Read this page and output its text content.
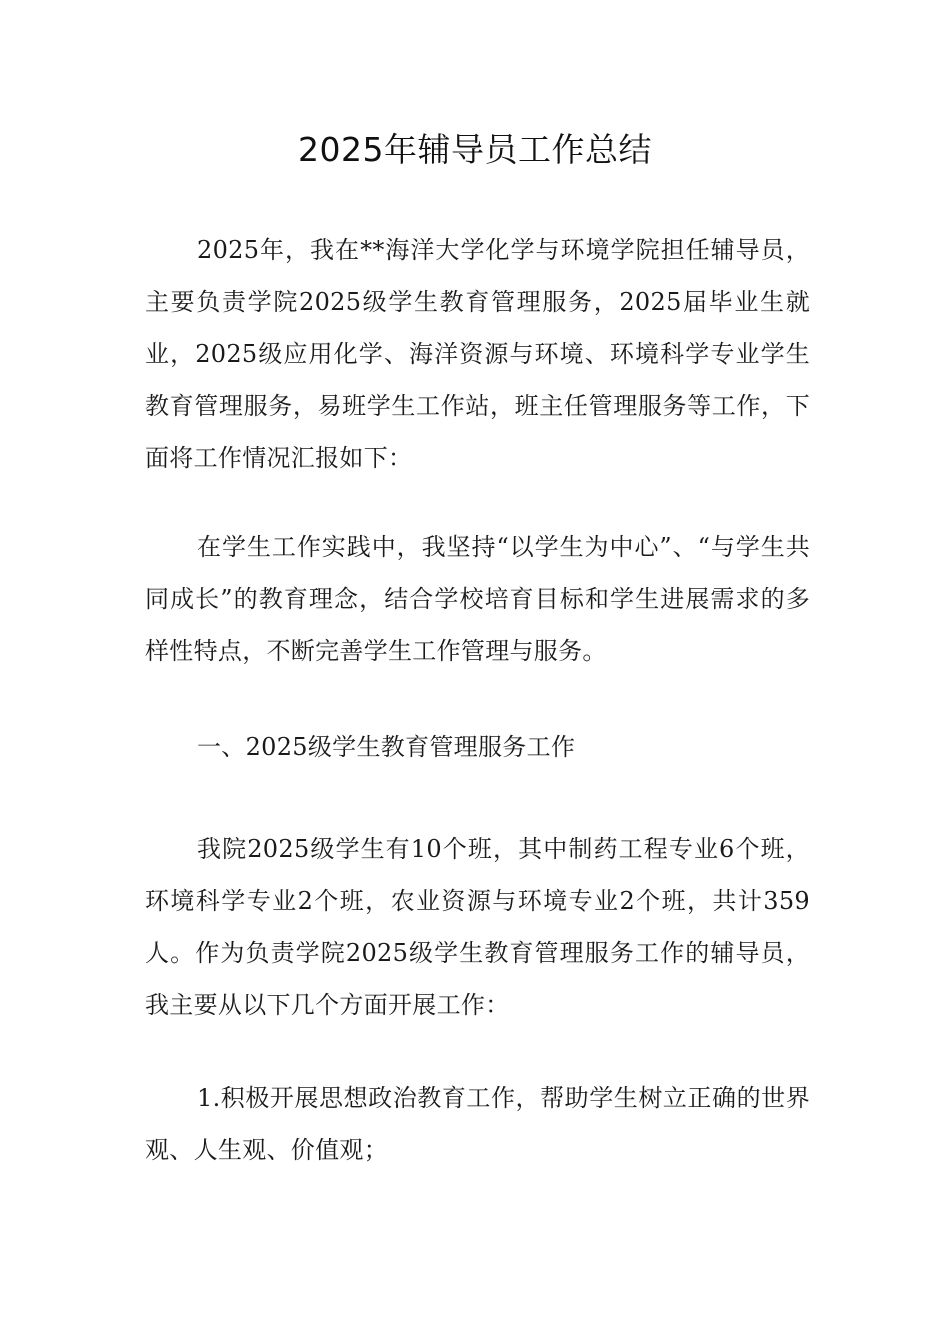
2025年辅导员工作总结

2025年，我在**海洋大学化学与环境学院担任辅导员，主要负责学院2025级学生教育管理服务，2025届毕业生就业，2025级应用化学、海洋资源与环境、环境科学专业学生教育管理服务，易班学生工作站，班主任管理服务等工作，下面将工作情况汇报如下：

在学生工作实践中，我坚持“以学生为中心”、“与学生共同成长”的教育理念，结合学校培育目标和学生进展需求的多样性特点，不断完善学生工作管理与服务。

一、2025级学生教育管理服务工作

我院2025级学生有10个班，其中制药工程专业6个班，环境科学专业2个班，农业资源与环境专业2个班，共计359人。作为负责学院2025级学生教育管理服务工作的辅导员，我主要从以下几个方面开展工作：

1.积极开展思想政治教育工作，帮助学生树立正确的世界观、人生观、价值观；
